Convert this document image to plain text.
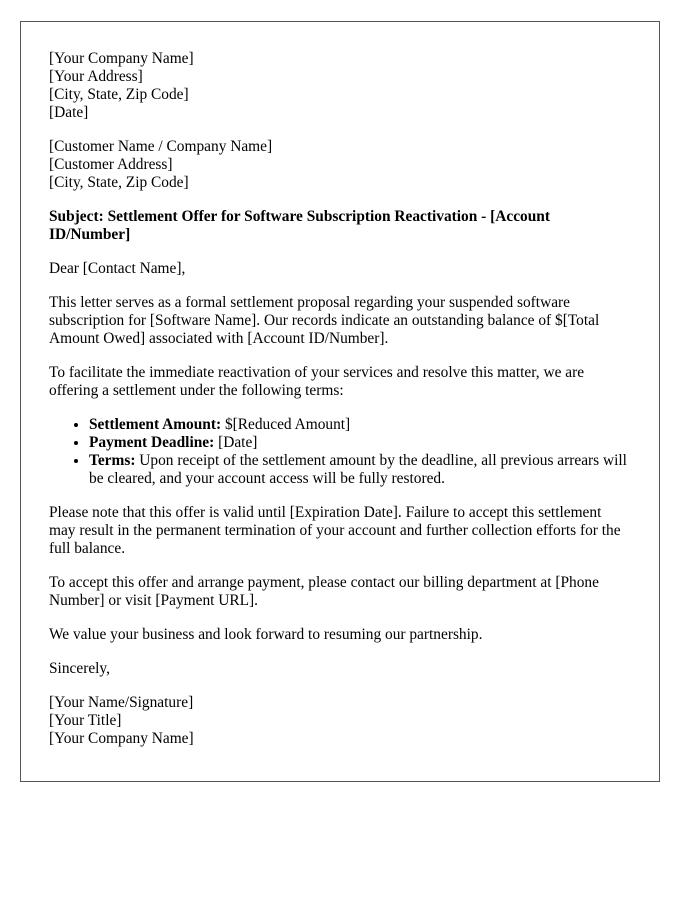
[Your Company Name]
[Your Address]
[City, State, Zip Code]
[Date]
[Customer Name / Company Name]
[Customer Address]
[City, State, Zip Code]

Subject: Settlement Offer for Software Subscription Reactivation - [Account ID/Number]

Dear [Contact Name],

This letter serves as a formal settlement proposal regarding your suspended software subscription for [Software Name]. Our records indicate an outstanding balance of $[Total Amount Owed] associated with [Account ID/Number].

To facilitate the immediate reactivation of your services and resolve this matter, we are offering a settlement under the following terms:

• Settlement Amount: $[Reduced Amount]
• Payment Deadline: [Date]
• Terms: Upon receipt of the settlement amount by the deadline, all previous arrears will be cleared, and your account access will be fully restored.

Please note that this offer is valid until [Expiration Date]. Failure to accept this settlement may result in the permanent termination of your account and further collection efforts for the full balance.

To accept this offer and arrange payment, please contact our billing department at [Phone Number] or visit [Payment URL].

We value your business and look forward to resuming our partnership.

Sincerely,

[Your Name/Signature]
[Your Title]
[Your Company Name]
